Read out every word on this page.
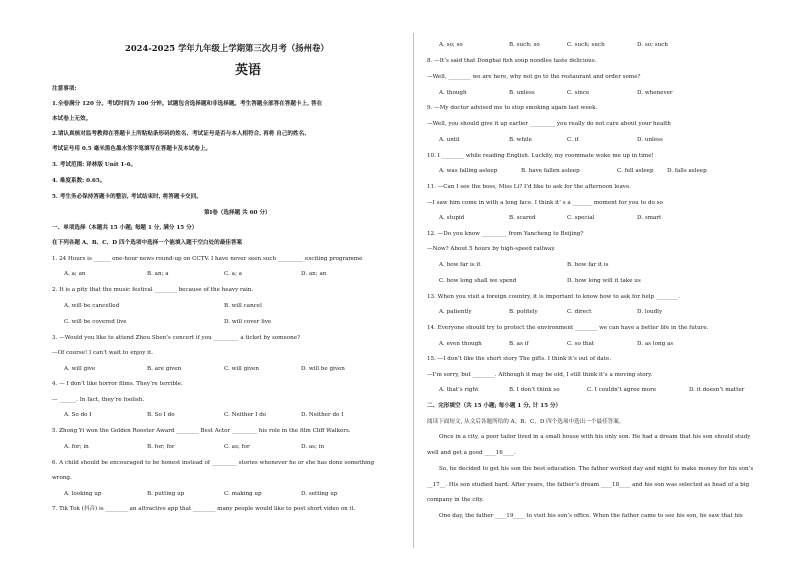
2024-2025 学年九年级上学期第三次月考（扬州卷）
英语
注意事项:
1.全卷满分 120 分。考试时间为 100 分钟。试题包含选择题和非选择题。考生答题全部答在答题卡上, 答在
本试卷上无效。
2.请认真核对监考教师在答题卡上所粘贴条形码的姓名、考试证号是否与本人相符合, 再将 自己的姓名、
考试证号用 0.5 毫米黑色墨水签字笔填写在答题卡及本试卷上。
3. 考试范围: 译林版 Unit 1-6。
4. 难度系数: 0.65。
5. 考生务必保持答题卡的整洁, 考试结束时, 将答题卡交回。
第Ⅰ卷（选择题 共 60 分）
一、单项选择（本题共 15 小题; 每题 1 分, 满分 15 分）
在下列各题 A、B、C、D 四个选项中选择一个能填入题干空白处的最佳答案
1. 24 Hours is ______ one-hour news round-up on CCTV. I have never seen such _________ exciting programme
A. a; an	B. an; a	C. a; a	D. an; an
2. It is a pity that the music festival ________ because of the heavy rain.
A. will be cancelled	B. will cancel
C. will be covered live	D. will cover live
3. —Would you like to attend Zhou Shen’s concert if you _________ a ticket by someone?
—Of course! I can’t wait to enjoy it.
A. will give	B. are given	C. will given	D. will be given
4. — I don’t like horror films. They’re terrible.
— ______. In fact, they’re foolish.
A. So do I	B. So I do	C. Neither I do	D. Neither do I
5. Zhong Yi won the Golden Rooster Award ________ Best Actor _________ his role in the film Cliff Walkers.
A. for; in	B. for; for	C. as; for	D. as; in
6. A child should be encouraged to be honest instead of _________ stories whenever he or she has done something
wrong.
A. looking up	B. putting up	C. making up	D. setting up
7. Tik Tok (抖音) is ________ an attractive app that ________ many people would like to post short video on it.
A. so; so	B. such; so	C. such; such	D. so; such
8. —It’s said that Donghai fish soup noodles taste delicious.
—Well, ________ we are here, why not go to the restaurant and order some?
A. though	B. unless	C. since	D. whenever
9. —My doctor advised me to stop smoking again last week.
—Well, you should give it up earlier _________ you really do not care about your health
A. until	B. while	C. if	D. unless
10. I ________ while reading English. Luckily, my roommate woke me up in time!
A. was falling asleep	B. have fallen asleep	C. fell asleep D. falls asleep
11. —Can I see the boss, Miss Li? I’d like to ask for the afternoon leave.
—I saw him come in with a long face. I think it’ s a _______ moment for you to do so
A. stupid	B. scared	C. special	D. smart
12. —Do you know _________ from Yancheng to Beijing?
—Now? About 5 hours by high-speed railway.
A. how far is it	B. how far it is
C. how long shall we spend	D. how long will it take us
13. When you visit a foreign country, it is important to know how to ask for help ________.
A. patiently	B. politely	C. direct	D. loudly
14. Everyone should try to protect the environment ________ we can have a better life in the future.
A. even though	B. as if	C. so that	D. as long as
15. —I don’t like the short story The gifts. I think it’s out of date.
—I’m sorry, but ________. Although it may be old, I still think it’s a moving story.
A. that’s right	B. I don’t think so	C. I couldn’t agree more	D. it doesn’t matter
二、完形填空（共 15 小题; 每小题 1 分, 计 15 分）
阅读下面短文, 从文后各题所给的 A、B、C、D 四个选项中选出一个最佳答案。
Once in a city, a poor tailor lived in a small house with his only son. He had a dream that his son should study
well and get a good ____16____.
So, he decided to get his son the best education. The father worked day and night to make money for his son’s
__17__. His son studied hard. After years, the father’s dream ____18____ and his son was selected as head of a big
company in the city.
One day, the father ____19____ to visit his son’s office. When the father came to see his son, he saw that his
